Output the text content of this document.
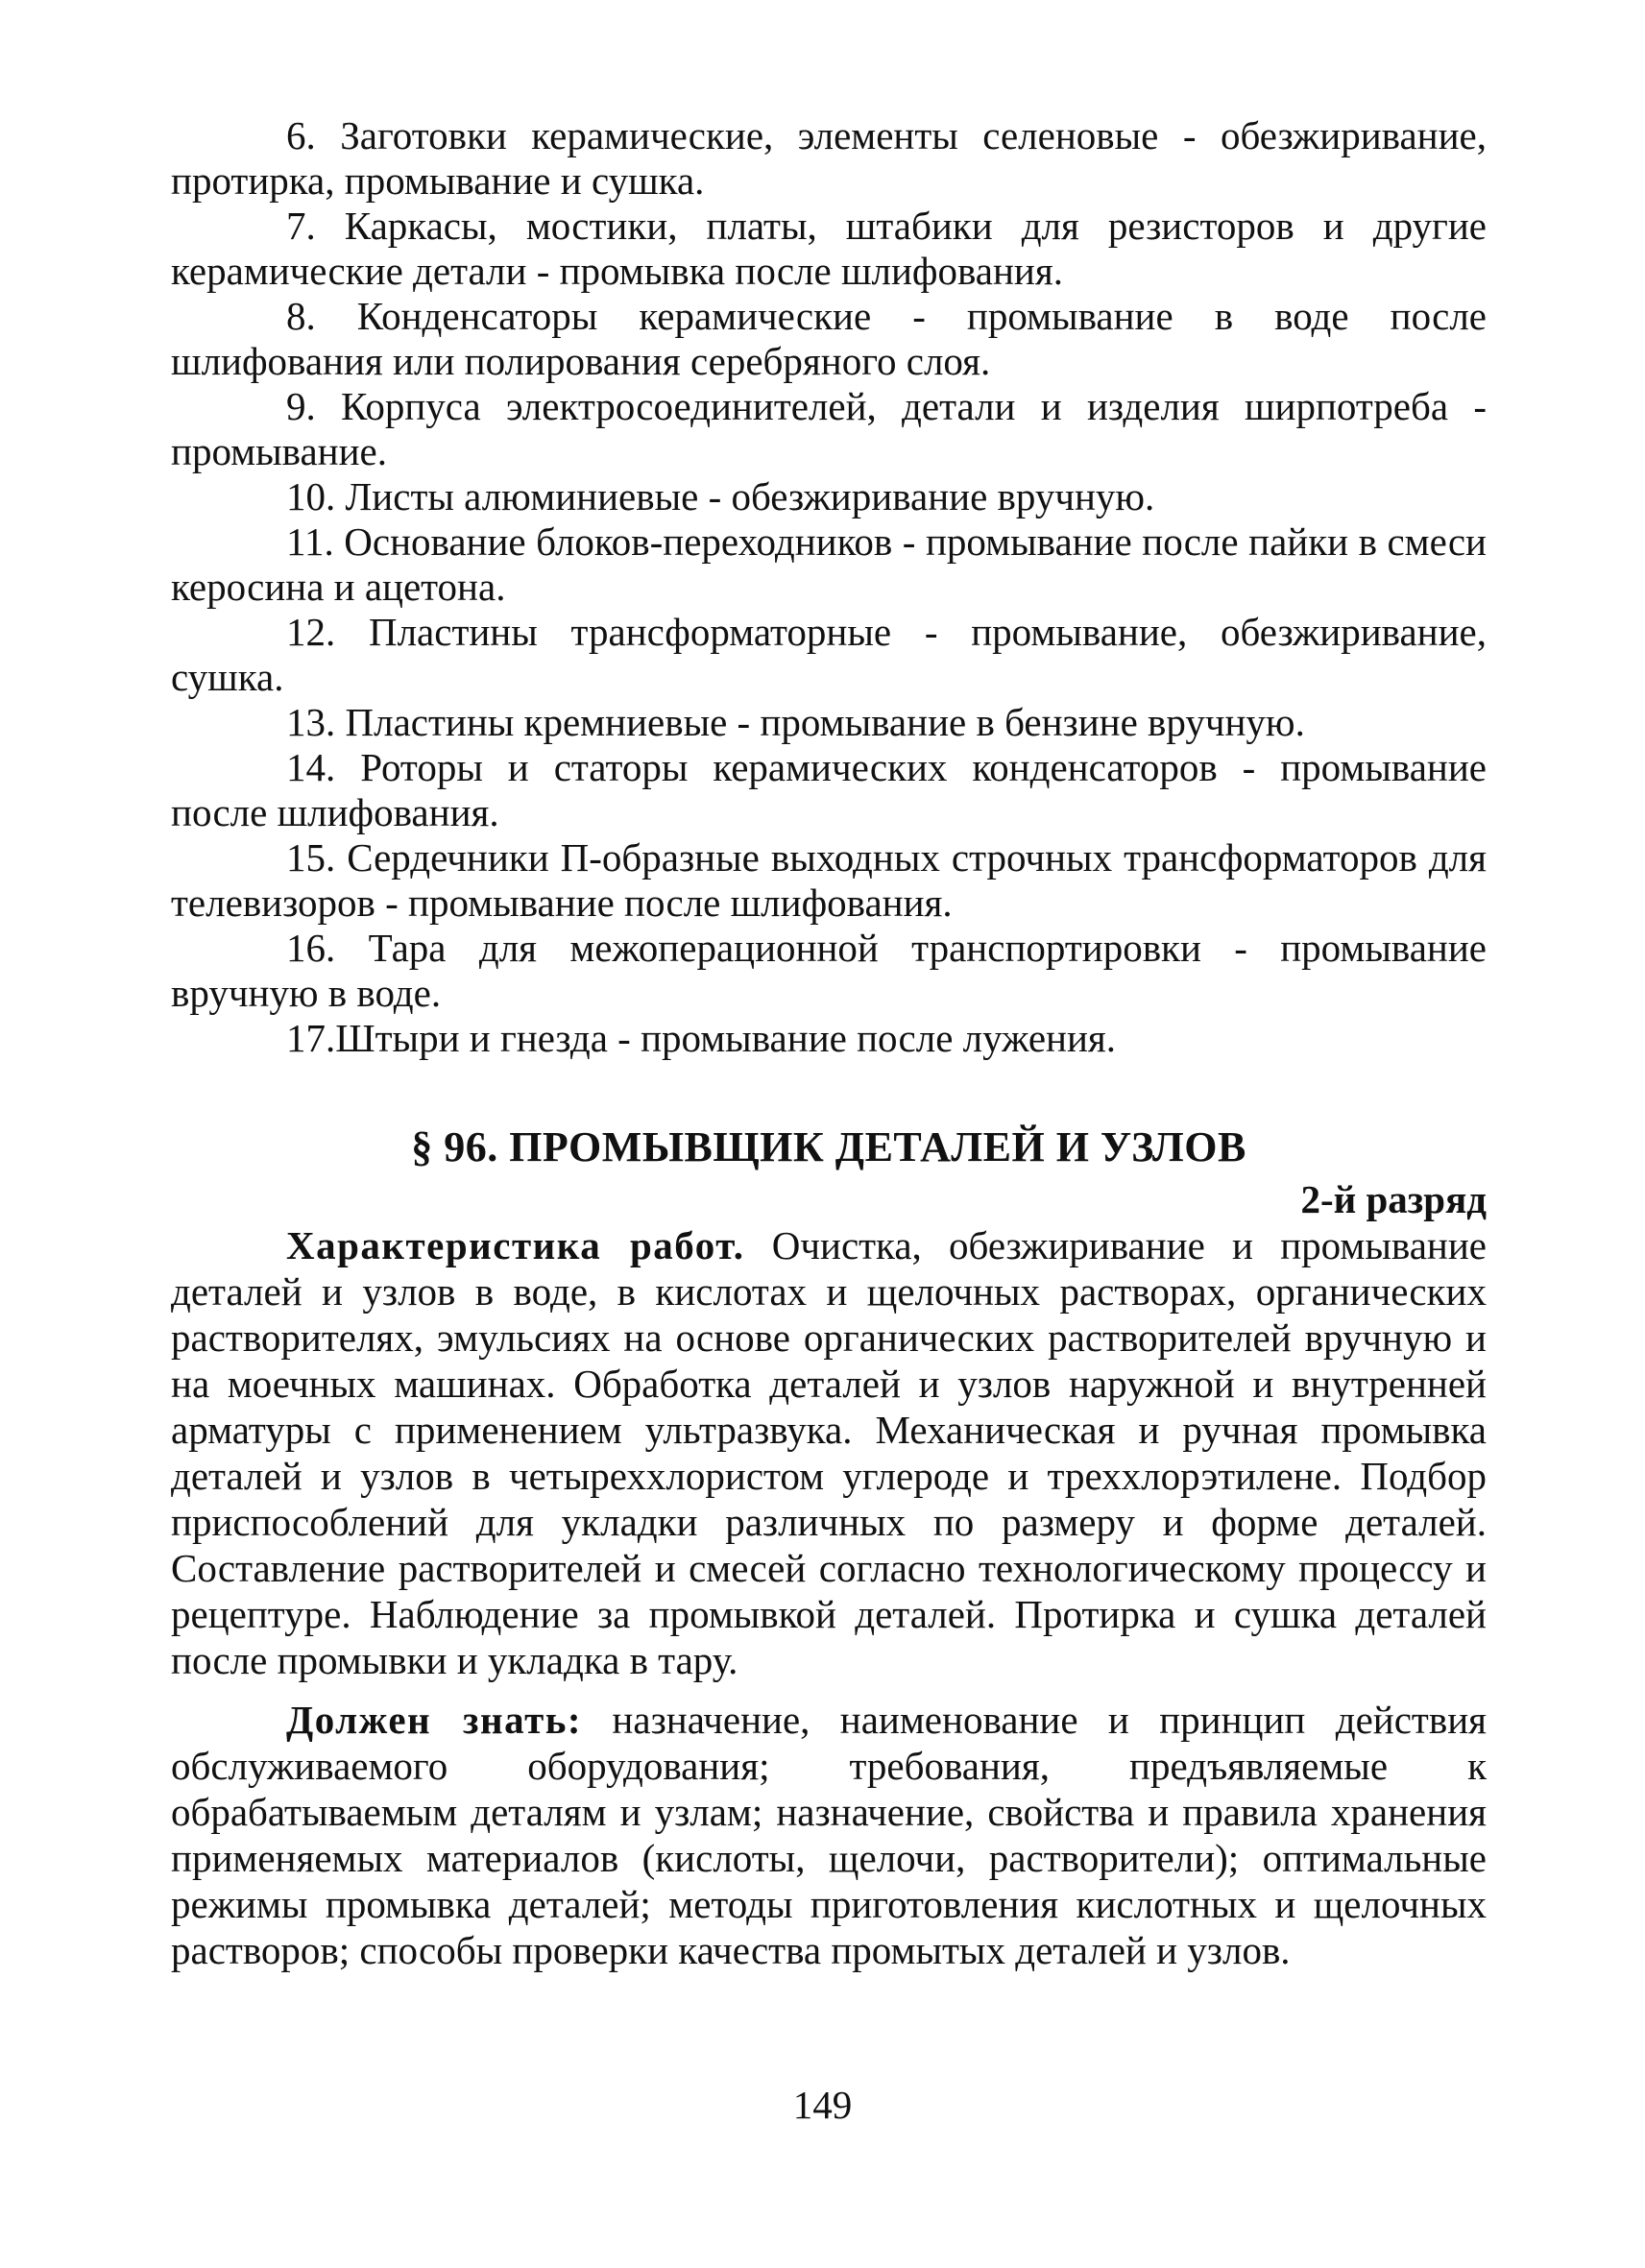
6. Заготовки керамические, элементы селеновые - обезжиривание, протирка, промывание и сушка.

7. Каркасы, мостики, платы, штабики для резисторов и другие керамические детали - промывка после шлифования.

8. Конденсаторы керамические - промывание в воде после шлифования или полирования серебряного слоя.

9. Корпуса электросоединителей, детали и изделия ширпотреба - промывание.

10. Листы алюминиевые - обезжиривание вручную.

11. Основание блоков-переходников - промывание после пайки в смеси керосина и ацетона.

12. Пластины трансформаторные - промывание, обезжиривание, сушка.

13. Пластины кремниевые - промывание в бензине вручную.

14. Роторы и статоры керамических конденсаторов - промывание после шлифования.

15. Сердечники П-образные выходных строчных трансформаторов для телевизоров - промывание после шлифования.

16. Тара для межоперационной транспортировки - промывание вручную в воде.

17.Штыри и гнезда - промывание после лужения.

§ 96. ПРОМЫВЩИК ДЕТАЛЕЙ И УЗЛОВ
2-й разряд

Характеристика работ. Очистка, обезжиривание и промывание деталей и узлов в воде, в кислотах и щелочных растворах, органических растворителях, эмульсиях на основе органических растворителей вручную и на моечных машинах. Обработка деталей и узлов наружной и внутренней арматуры с применением ультразвука. Механическая и ручная промывка деталей и узлов в четыреххлористом углероде и трехxлорэтилене. Подбор приспособлений для укладки различных по размеру и форме деталей. Составление растворителей и смесей согласно технологическому процессу и рецептуре. Наблюдение за промывкой деталей. Протирка и сушка деталей после промывки и укладка в тару.

Должен знать: назначение, наименование и принцип действия обслуживаемого оборудования; требования, предъявляемые к обрабатываемым деталям и узлам; назначение, свойства и правила хранения применяемых материалов (кислоты, щелочи, растворители); оптимальные режимы промывка деталей; методы приготовления кислотных и щелочных растворов; способы проверки качества промытых деталей и узлов.

149
